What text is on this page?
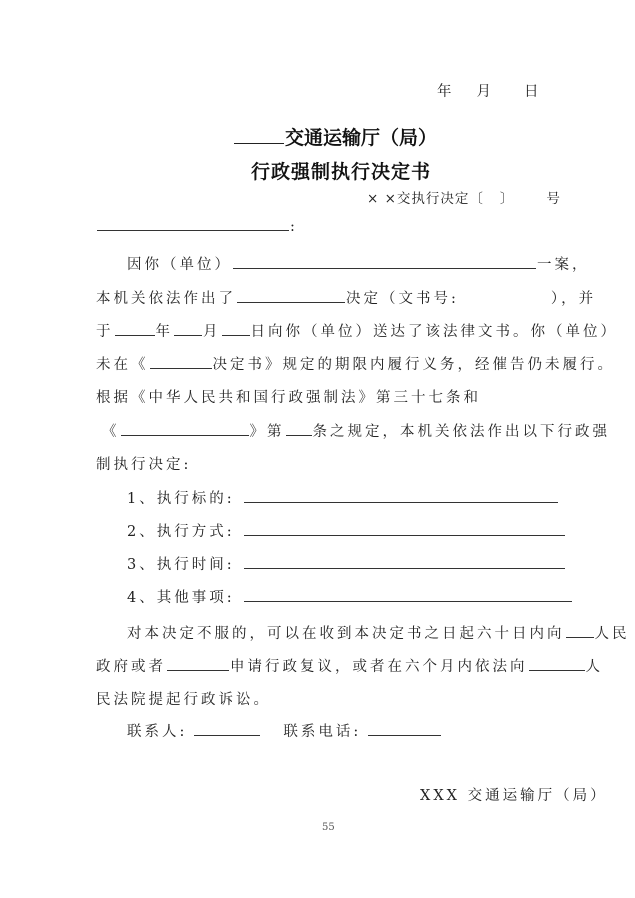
年 月 日
交通运输厅（局）
行政强制执行决定书
× ×交执行决定〔 〕 号
:
因你（单位）	一案，
本机关依法作出了	决定（文书号:	），并
于	年 月 日向你（单位）送达了该法律文书。你（单位）
未在《	决定书》规定的期限内履行义务，经催告仍未履行。
根据《中华人民共和国行政强制法》第三十七条和
《	》第 条之规定，本机关依法作出以下行政强
制执行决定:
1、执行标的:
2、执行方式:
3、执行时间:
4、其他事项:
对本决定不服的，可以在收到本决定书之日起六十日内向 人民
政府或者	申请行政复议，或者在六个月内依法向	人
民法院提起行政诉讼。
联系人:	联系电话:
XXX 交通运输厅（局）
55
